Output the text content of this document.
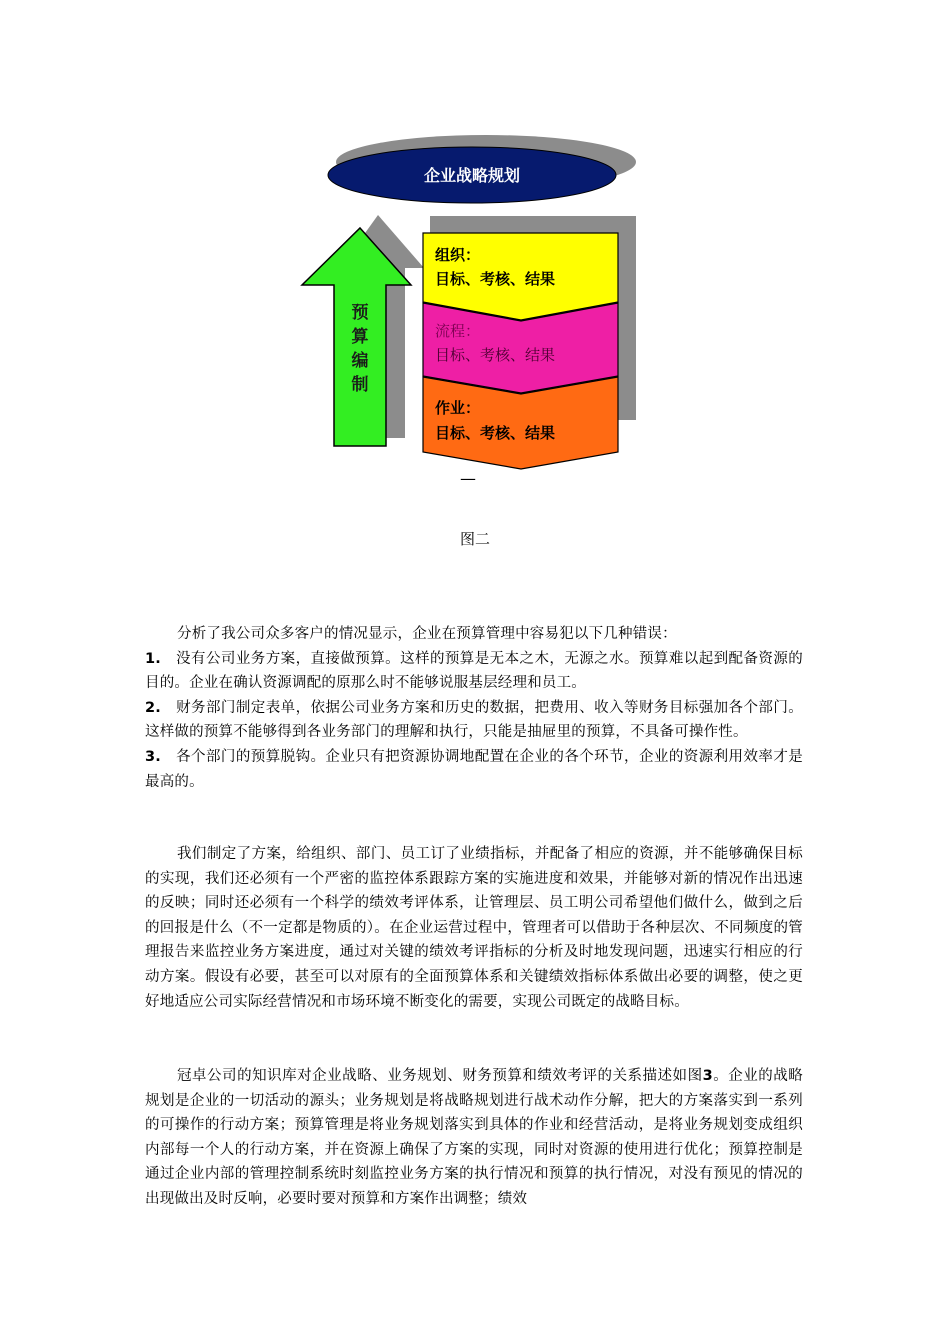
企业战略规划
预
算
编
制
组织：
目标、考核、结果
流程：
目标、考核、结果
作业：
目标、考核、结果
—
图二

分析了我公司众多客户的情况显示，企业在预算管理中容易犯以下几种错误：

1. 没有公司业务方案，直接做预算。这样的预算是无本之木，无源之水。预算难以起到配备资源的目的。企业在确认资源调配的原那么时不能够说服基层经理和员工。

2. 财务部门制定表单，依据公司业务方案和历史的数据，把费用、收入等财务目标强加各个部门。这样做的预算不能够得到各业务部门的理解和执行，只能是抽屉里的预算，不具备可操作性。

3. 各个部门的预算脱钩。企业只有把资源协调地配置在企业的各个环节，企业的资源利用效率才是最高的。

我们制定了方案，给组织、部门、员工订了业绩指标，并配备了相应的资源，并不能够确保目标的实现，我们还必须有一个严密的监控体系跟踪方案的实施进度和效果，并能够对新的情况作出迅速的反映；同时还必须有一个科学的绩效考评体系，让管理层、员工明公司希望他们做什么，做到之后的回报是什么（不一定都是物质的）。在企业运营过程中，管理者可以借助于各种层次、不同频度的管理报告来监控业务方案进度，通过对关键的绩效考评指标的分析及时地发现问题，迅速实行相应的行动方案。假设有必要，甚至可以对原有的全面预算体系和关键绩效指标体系做出必要的调整，使之更好地适应公司实际经营情况和市场环境不断变化的需要，实现公司既定的战略目标。

冠卓公司的知识库对企业战略、业务规划、财务预算和绩效考评的关系描述如图3。企业的战略规划是企业的一切活动的源头；业务规划是将战略规划进行战术动作分解，把大的方案落实到一系列的可操作的行动方案；预算管理是将业务规划落实到具体的作业和经营活动，是将业务规划变成组织内部每一个人的行动方案，并在资源上确保了方案的实现，同时对资源的使用进行优化；预算控制是通过企业内部的管理控制系统时刻监控业务方案的执行情况和预算的执行情况，对没有预见的情况的出现做出及时反响，必要时要对预算和方案作出调整；绩效
